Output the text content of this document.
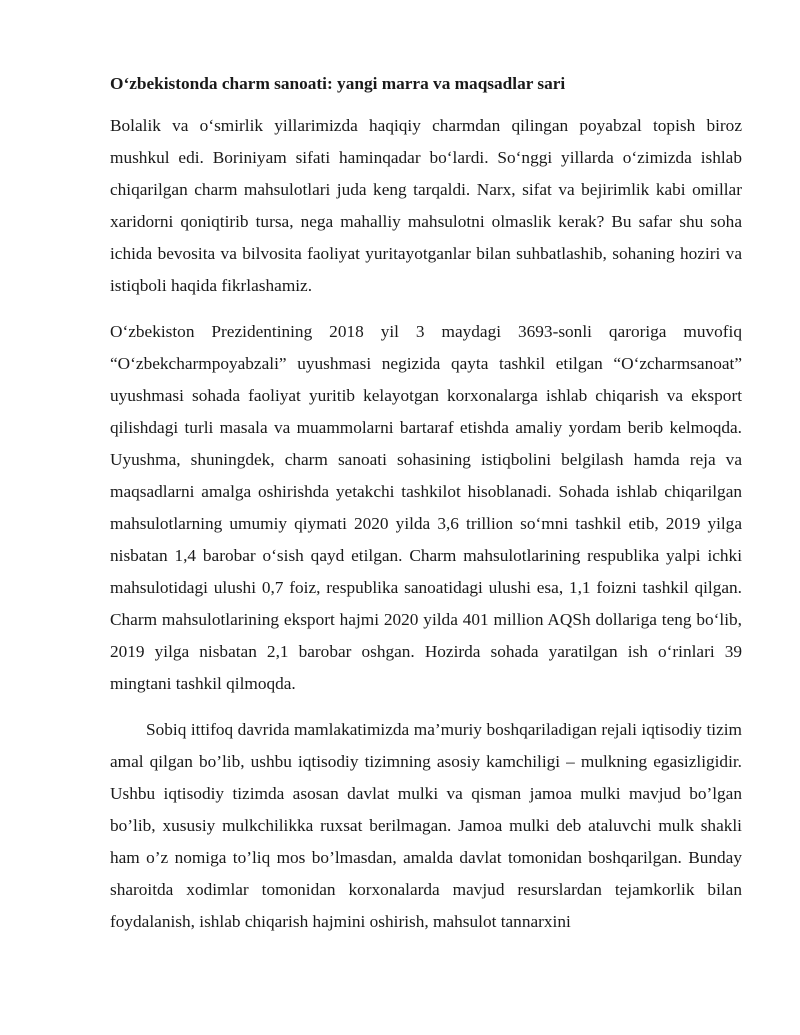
O‘zbekistonda charm sanoati: yangi marra va maqsadlar sari

Bolalik va o‘smirlik yillarimizda haqiqiy charmdan qilingan poyabzal topish biroz mushkul edi. Boriniyam sifati haminqadar bo‘lardi. So‘nggi yillarda o‘zimizda ishlab chiqarilgan charm mahsulotlari juda keng tarqaldi. Narx, sifat va bejirimlik kabi omillar xaridorni qoniqtirib tursa, nega mahalliy mahsulotni olmaslik kerak? Bu safar shu soha ichida bevosita va bilvosita faoliyat yuritayotganlar bilan suhbatlashib, sohaning hoziri va istiqboli haqida fikrlashamiz.

O‘zbekiston Prezidentining 2018 yil 3 maydagi 3693-sonli qaroriga muvofiq “O‘zbekcharmpoyabzali” uyushmasi negizida qayta tashkil etilgan “O‘zcharmsanoat” uyushmasi sohada faoliyat yuritib kelayotgan korxonalarga ishlab chiqarish va eksport qilishdagi turli masala va muammolarni bartaraf etishda amaliy yordam berib kelmoqda. Uyushma, shuningdek, charm sanoati sohasining istiqbolini belgilash hamda reja va maqsadlarni amalga oshirishda yetakchi tashkilot hisoblanadi. Sohada ishlab chiqarilgan mahsulotlarning umumiy qiymati 2020 yilda 3,6 trillion so‘mni tashkil etib, 2019 yilga nisbatan 1,4 barobar o‘sish qayd etilgan. Charm mahsulotlarining respublika yalpi ichki mahsulotidagi ulushi 0,7 foiz, respublika sanoatidagi ulushi esa, 1,1 foizni tashkil qilgan. Charm mahsulotlarining eksport hajmi 2020 yilda 401 million AQSh dollariga teng bo‘lib, 2019 yilga nisbatan 2,1 barobar oshgan. Hozirda sohada yaratilgan ish o‘rinlari 39 mingtani tashkil qilmoqda.

Sobiq ittifoq davrida mamlakatimizda ma’muriy boshqariladigan rejali iqtisodiy tizim amal qilgan bo’lib, ushbu iqtisodiy tizimning asosiy kamchiligi – mulkning egasizligidir. Ushbu iqtisodiy tizimda asosan davlat mulki va qisman jamoa mulki mavjud bo’lgan bo’lib, xususiy mulkchilikka ruxsat berilmagan. Jamoa mulki deb ataluvchi mulk shakli ham o’z nomiga to’liq mos bo’lmasdan, amalda davlat tomonidan boshqarilgan. Bunday sharoitda xodimlar tomonidan korxonalarda mavjud resurslardan tejamkorlik bilan foydalanish, ishlab chiqarish hajmini oshirish, mahsulot tannarxini
